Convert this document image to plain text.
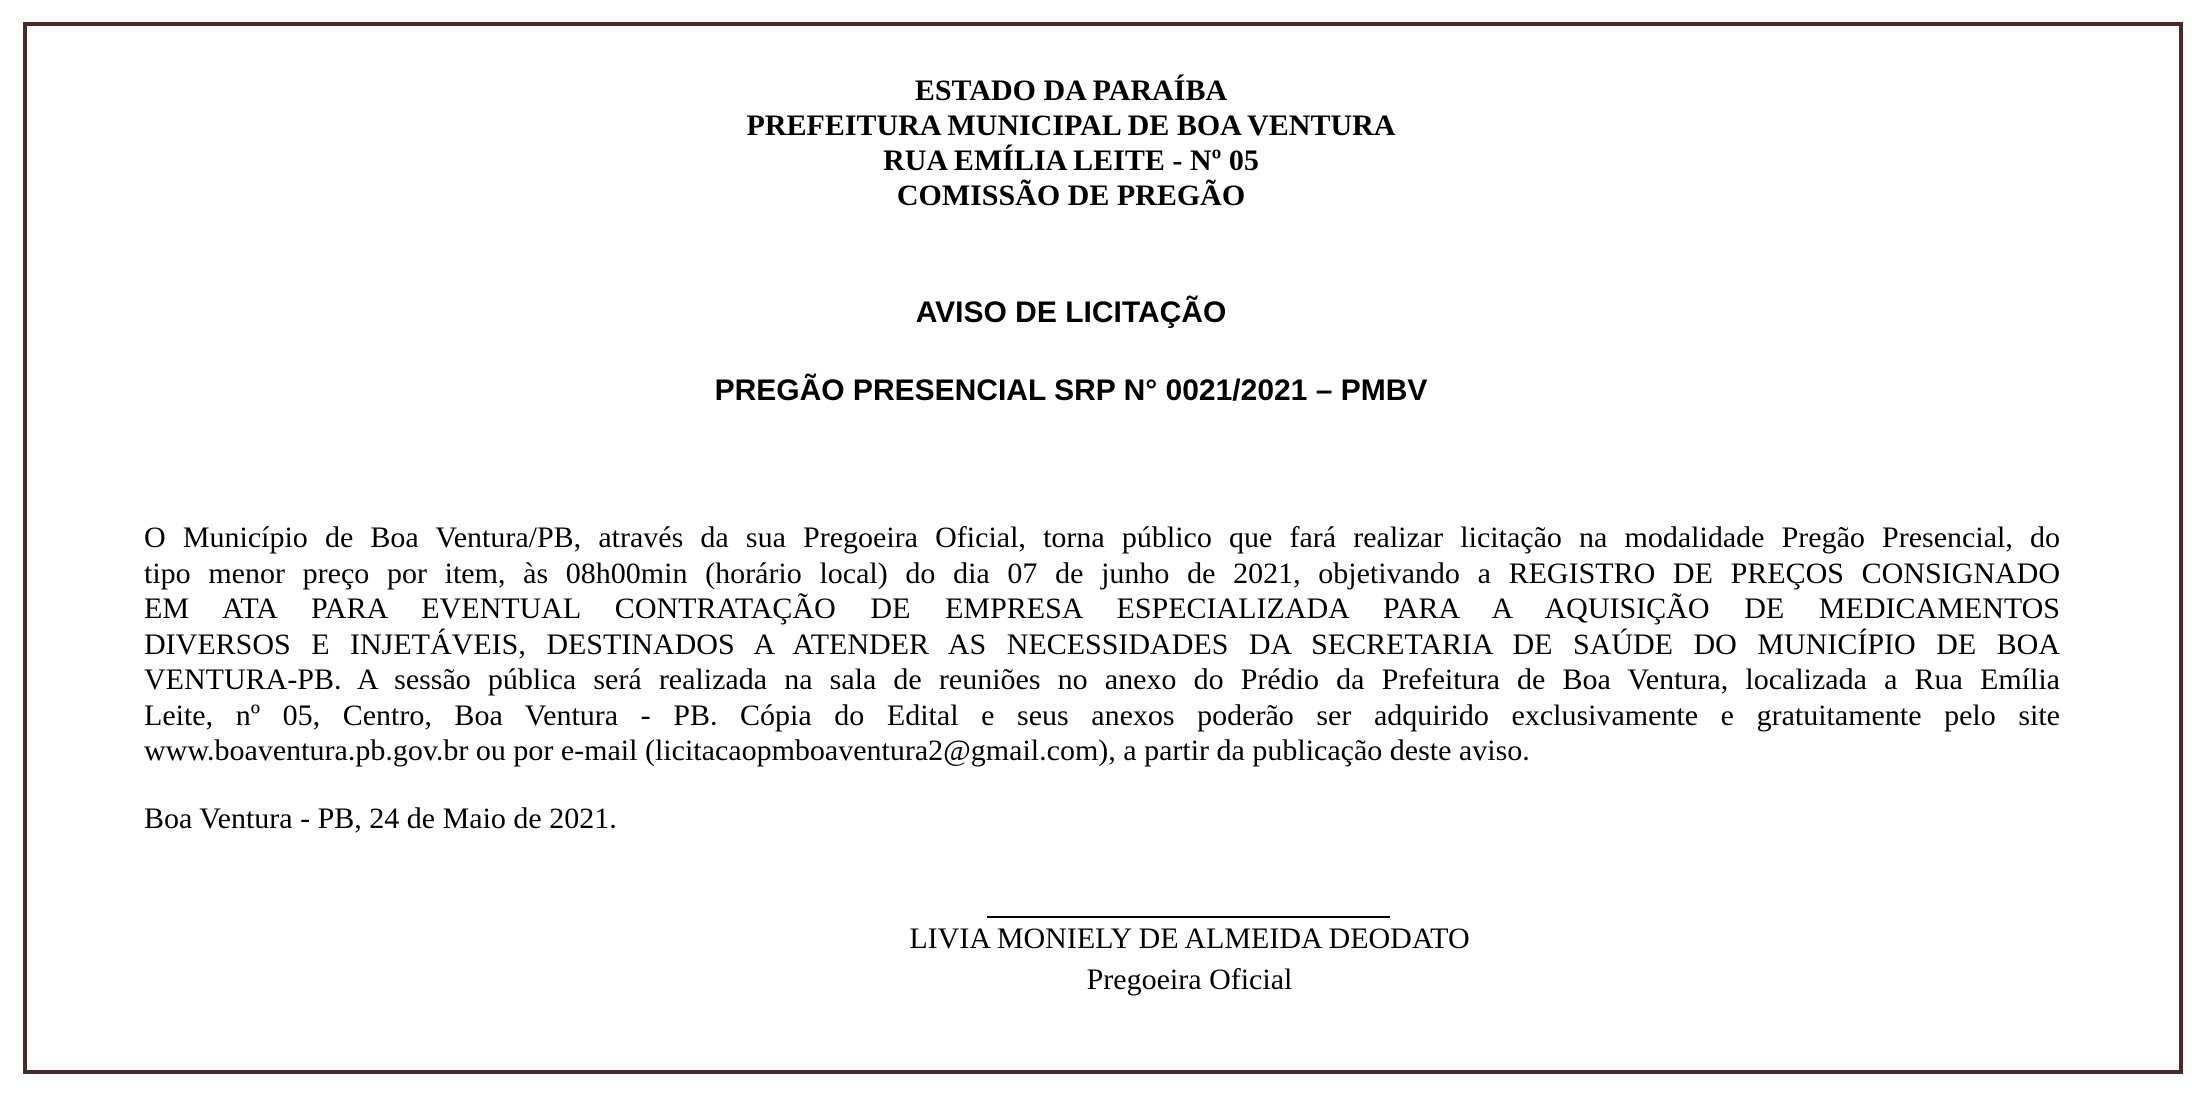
ESTADO DA PARAÍBA
PREFEITURA MUNICIPAL DE BOA VENTURA
RUA EMÍLIA LEITE - Nº 05
COMISSÃO DE PREGÃO
AVISO DE LICITAÇÃO
PREGÃO PRESENCIAL SRP N° 0021/2021 – PMBV
O Município de Boa Ventura/PB, através da sua Pregoeira Oficial, torna público que fará realizar licitação na modalidade Pregão Presencial, do
tipo menor preço por item, às 08h00min (horário local) do dia 07 de junho de 2021, objetivando a REGISTRO DE PREÇOS CONSIGNADO
EM ATA PARA EVENTUAL CONTRATAÇÃO DE EMPRESA ESPECIALIZADA PARA A AQUISIÇÃO DE MEDICAMENTOS
DIVERSOS E INJETÁVEIS, DESTINADOS A ATENDER AS NECESSIDADES DA SECRETARIA DE SAÚDE DO MUNICÍPIO DE BOA
VENTURA-PB. A sessão pública será realizada na sala de reuniões no anexo do Prédio da Prefeitura de Boa Ventura, localizada a Rua Emília
Leite, nº 05, Centro, Boa Ventura - PB. Cópia do Edital e seus anexos poderão ser adquirido exclusivamente e gratuitamente pelo site
www.boaventura.pb.gov.br ou por e-mail (licitacaopmboaventura2@gmail.com), a partir da publicação deste aviso.
Boa Ventura - PB, 24 de Maio de 2021.
LIVIA MONIELY DE ALMEIDA DEODATO
Pregoeira Oficial
